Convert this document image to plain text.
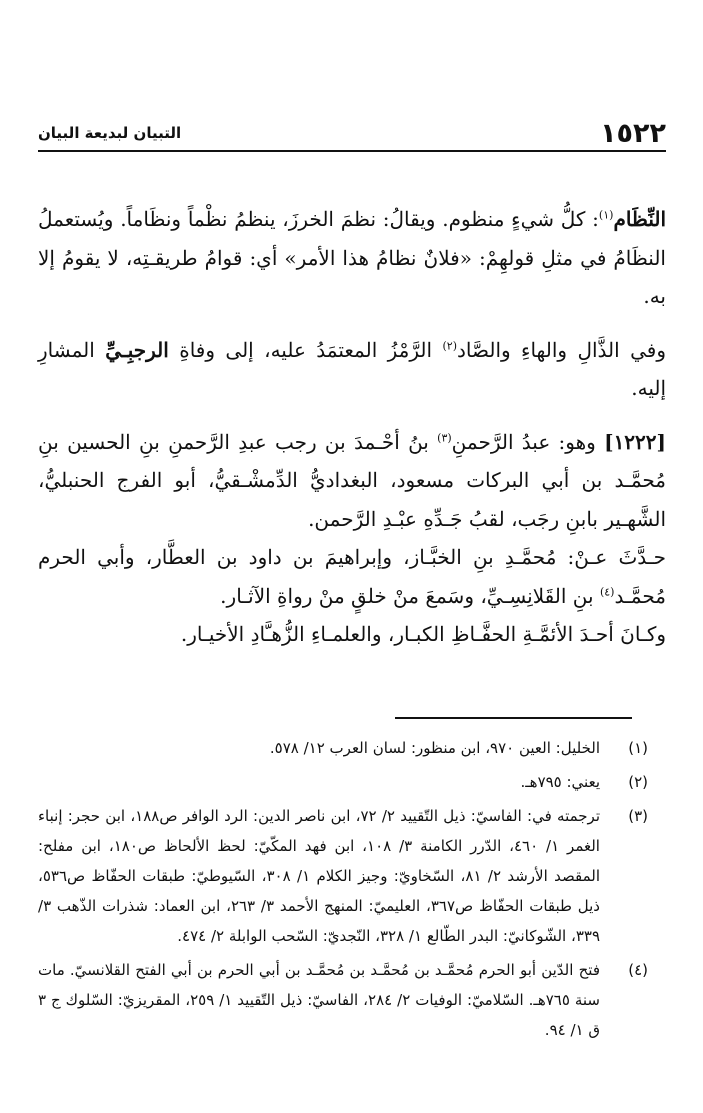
١٥٢٢
التبيان لبديعة البيان

النِّظَام$^{(١)}$: كلُّ شيءٍ منظوم. ويقالُ: نظمَ الخرزَ، ينظمُ نظْماً ونظَاماً. ويُستعملُ النظَامُ في مثلِ قولهِمْ: «فلانٌ نظامُ هذا الأمر» أي: قوامُ طريقـتِه، لا يقومُ إلا به.

وفي الذَّالِ والهاءِ والصَّاد$^{(٢)}$ الرَّمْزُ المعتمَدُ عليه، إلى وفاةِ الرجبِـيِّ المشارِ إليه.

[١٢٢٢] وهو: عبدُ الرَّحمنِ$^{(٣)}$ بنُ أحْـمدَ بن رجب عبدِ الرَّحمنِ بنِ الحسين بنِ مُحمَّـد بن أبي البركات مسعود، البغداديُّ الدِّمشْـقيُّ، أبو الفرج الحنبليُّ، الشَّهـير بابنِ رجَب، لقبُ جَـدِّهِ عبْـدِ الرَّحمن.

حـدَّثَ عـنْ: مُحمَّـدِ بنِ الخبَّـاز، وإبراهيمَ بن داود بن العطَّار، وأبي الحرم مُحمَّـد$^{(٤)}$ بنِ القَلانِسِـيِّ، وسَمعَ منْ خلقٍ منْ رواةِ الآثـار.

وكـانَ أحـدَ الأئمَّـةِ الحفَّـاظِ الكبـار، والعلمـاءِ الزُّهـَّادِ الأخيـار.

(١)
الخليل: العين ٩٧٠، ابن منظور: لسان العرب ١٢/ ٥٧٨.

(٢)
يعني: ٧٩٥هـ.

(٣)
ترجمته في: الفاسيّ: ذيل التّقييد ٢/ ٧٢، ابن ناصر الدين: الرد الوافر ص١٨٨، ابن حجر: إنباء الغمر ١/ ٤٦٠، الدّرر الكامنة ٣/ ١٠٨، ابن فهد المكّيّ: لحظ الألحاظ ص١٨٠، ابن مفلح: المقصد الأرشد ٢/ ٨١، السّخاويّ: وجيز الكلام ١/ ٣٠٨، السّيوطيّ: طبقات الحفّاظ ص٥٣٦، ذيل طبقات الحفّاظ ص٣٦٧، العليميّ: المنهج الأحمد ٣/ ٢٦٣، ابن العماد: شذرات الذّهب ٣/ ٣٣٩، الشّوكانيّ: البدر الطّالع ١/ ٣٢٨، النّجديّ: السّحب الوابلة ٢/ ٤٧٤.

(٤)
فتح الدّين أبو الحرم مُحمَّـد بن مُحمَّـد بن مُحمَّـد بن أبي الحرم بن أبي الفتح القلانسيّ. مات سنة ٧٦٥هـ. السّلاميّ: الوفيات ٢/ ٢٨٤، الفاسيّ: ذيل التّقييد ١/ ٢٥٩، المقريزيّ: السّلوك ج ٣ ق ١/ ٩٤.
